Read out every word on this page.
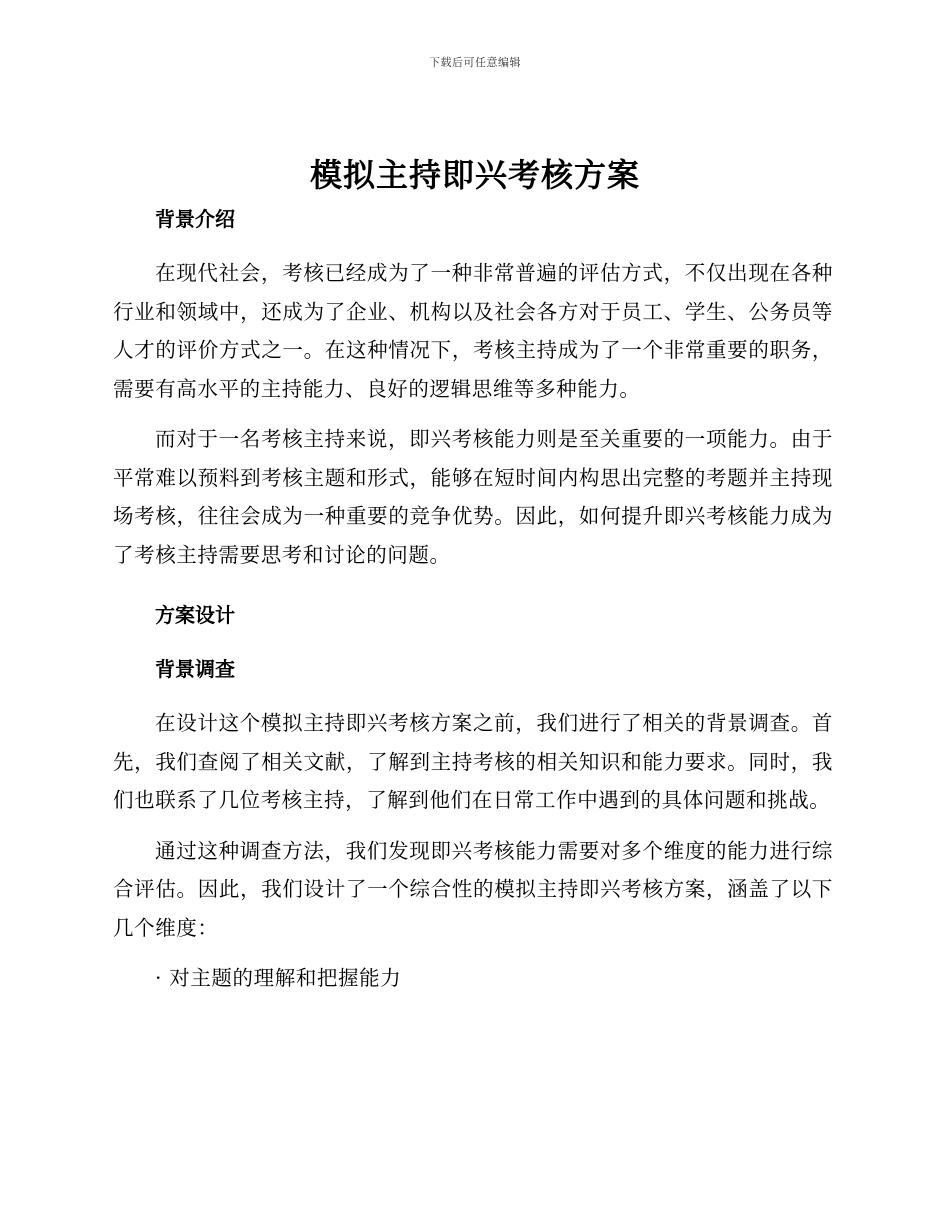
下载后可任意编辑
模拟主持即兴考核方案
背景介绍

在现代社会，考核已经成为了一种非常普遍的评估方式，不仅出现在各种行业和领域中，还成为了企业、机构以及社会各方对于员工、学生、公务员等人才的评价方式之一。在这种情况下，考核主持成为了一个非常重要的职务，需要有高水平的主持能力、良好的逻辑思维等多种能力。

而对于一名考核主持来说，即兴考核能力则是至关重要的一项能力。由于平常难以预料到考核主题和形式，能够在短时间内构思出完整的考题并主持现场考核，往往会成为一种重要的竞争优势。因此，如何提升即兴考核能力成为了考核主持需要思考和讨论的问题。

方案设计
背景调查

在设计这个模拟主持即兴考核方案之前，我们进行了相关的背景调查。首先，我们查阅了相关文献，了解到主持考核的相关知识和能力要求。同时，我们也联系了几位考核主持，了解到他们在日常工作中遇到的具体问题和挑战。

通过这种调查方法，我们发现即兴考核能力需要对多个维度的能力进行综合评估。因此，我们设计了一个综合性的模拟主持即兴考核方案，涵盖了以下几个维度：

· 对主题的理解和把握能力
